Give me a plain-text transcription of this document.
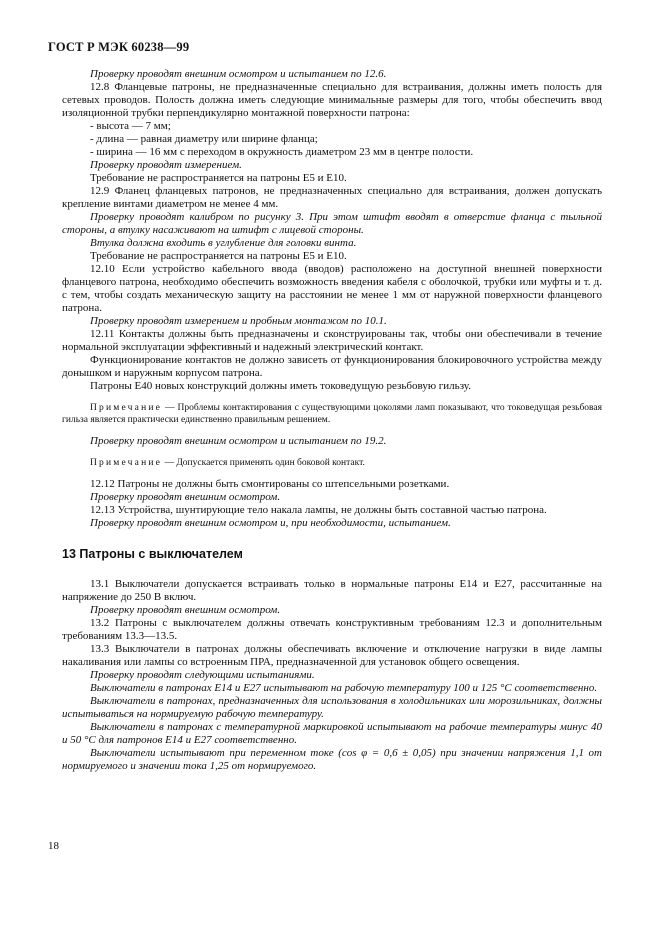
ГОСТ Р МЭК 60238—99

Проверку проводят внешним осмотром и испытанием по 12.6.

12.8 Фланцевые патроны, не предназначенные специально для встраивания, должны иметь полость для сетевых проводов. Полость должна иметь следующие минимальные размеры для того, чтобы обеспечить ввод изоляционной трубки перпендикулярно монтажной поверхности патрона:

- высота — 7 мм;

- длина — равная диаметру или ширине фланца;

- ширина — 16 мм с переходом в окружность диаметром 23 мм в центре полости.

Проверку проводят измерением.

Требование не распространяется на патроны Е5 и Е10.

12.9 Фланец фланцевых патронов, не предназначенных специально для встраивания, должен допускать крепление винтами диаметром не менее 4 мм.

Проверку проводят калибром по рисунку 3. При этом штифт вводят в отверстие фланца с тыльной стороны, а втулку насаживают на штифт с лицевой стороны.

Втулка должна входить в углубление для головки винта.

Требование не распространяется на патроны Е5 и Е10.

12.10 Если устройство кабельного ввода (вводов) расположено на доступной внешней поверхности фланцевого патрона, необходимо обеспечить возможность введения кабеля с оболочкой, трубки или муфты и т. д. с тем, чтобы создать механическую защиту на расстоянии не менее 1 мм от наружной поверхности фланцевого патрона.

Проверку проводят измерением и пробным монтажом по 10.1.

12.11 Контакты должны быть предназначены и сконструированы так, чтобы они обеспечивали в течение нормальной эксплуатации эффективный и надежный электрический контакт.

Функционирование контактов не должно зависеть от функционирования блокировочного устройства между донышком и наружным корпусом патрона.

Патроны Е40 новых конструкций должны иметь токоведущую резьбовую гильзу.

Примечание — Проблемы контактирования с существующими цоколями ламп показывают, что токоведущая резьбовая гильза является практически единственно правильным решением.

Проверку проводят внешним осмотром и испытанием по 19.2.

Примечание — Допускается применять один боковой контакт.

12.12 Патроны не должны быть смонтированы со штепсельными розетками.

Проверку проводят внешним осмотром.

12.13 Устройства, шунтирующие тело накала лампы, не должны быть составной частью патрона.

Проверку проводят внешним осмотром и, при необходимости, испытанием.

13 Патроны с выключателем

13.1 Выключатели допускается встраивать только в нормальные патроны Е14 и Е27, рассчитанные на напряжение до 250 В включ.

Проверку проводят внешним осмотром.

13.2 Патроны с выключателем должны отвечать конструктивным требованиям 12.3 и дополнительным требованиям 13.3—13.5.

13.3 Выключатели в патронах должны обеспечивать включение и отключение нагрузки в виде лампы накаливания или лампы со встроенным ПРА, предназначенной для установок общего освещения.

Проверку проводят следующими испытаниями.

Выключатели в патронах Е14 и Е27 испытывают на рабочую температуру 100 и 125 °С соответственно.

Выключатели в патронах, предназначенных для использования в холодильниках или морозильниках, должны испытываться на нормируемую рабочую температуру.

Выключатели в патронах с температурной маркировкой испытывают на рабочие температуры минус 40 и 50 °С для патронов Е14 и Е27 соответственно.

Выключатели испытывают при переменном токе (cos φ = 0,6 ± 0,05) при значении напряжения 1,1 от нормируемого и значении тока 1,25 от нормируемого.

18
